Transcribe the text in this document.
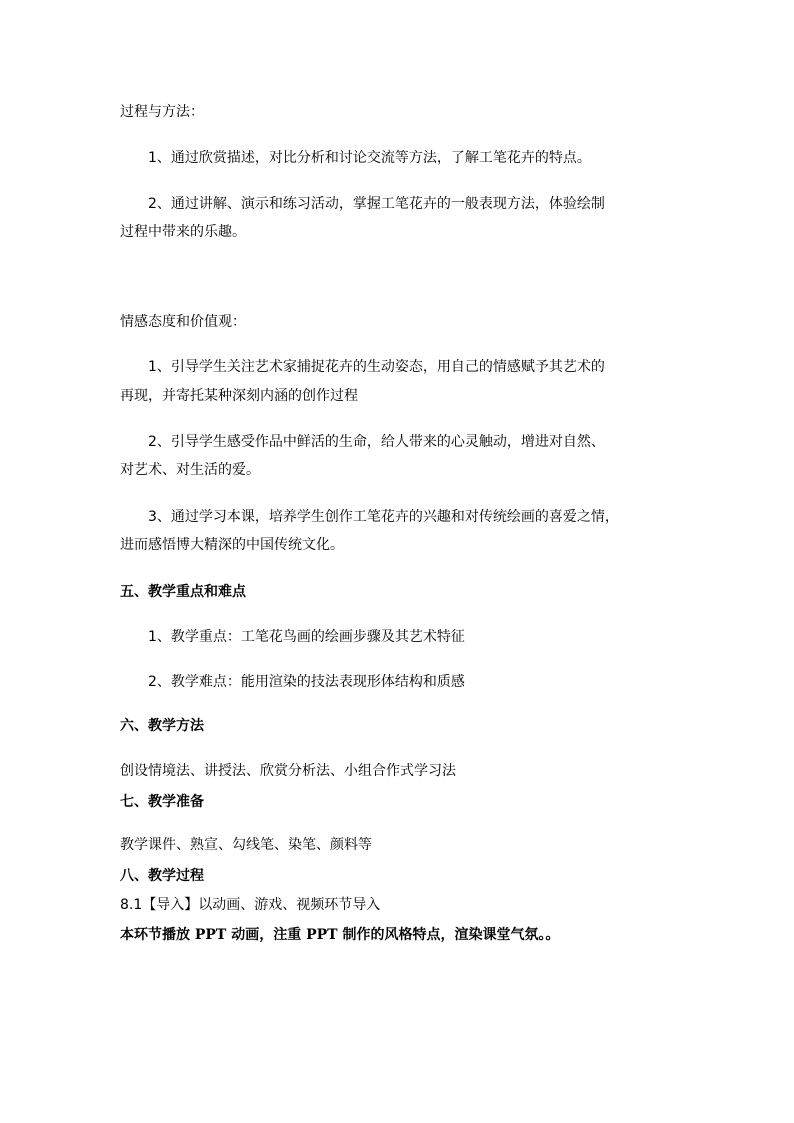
过程与方法：
1、通过欣赏描述，对比分析和讨论交流等方法，了解工笔花卉的特点。
2、通过讲解、演示和练习活动，掌握工笔花卉的一般表现方法，体验绘制
过程中带来的乐趣。
情感态度和价值观：
1、引导学生关注艺术家捕捉花卉的生动姿态，用自己的情感赋予其艺术的
再现，并寄托某种深刻内涵的创作过程
2、引导学生感受作品中鲜活的生命，给人带来的心灵触动，增进对自然、
对艺术、对生活的爱。
3、通过学习本课，培养学生创作工笔花卉的兴趣和对传统绘画的喜爱之情，
进而感悟博大精深的中国传统文化。
五、教学重点和难点
1、教学重点：工笔花鸟画的绘画步骤及其艺术特征
2、教学难点：能用渲染的技法表现形体结构和质感
六、教学方法
创设情境法、讲授法、欣赏分析法、小组合作式学习法
七、教学准备
教学课件、熟宣、勾线笔、染笔、颜料等
八、教学过程
8.1【导入】以动画、游戏、视频环节导入
本环节播放 PPT 动画，注重 PPT 制作的风格特点，渲染课堂气氛。。
